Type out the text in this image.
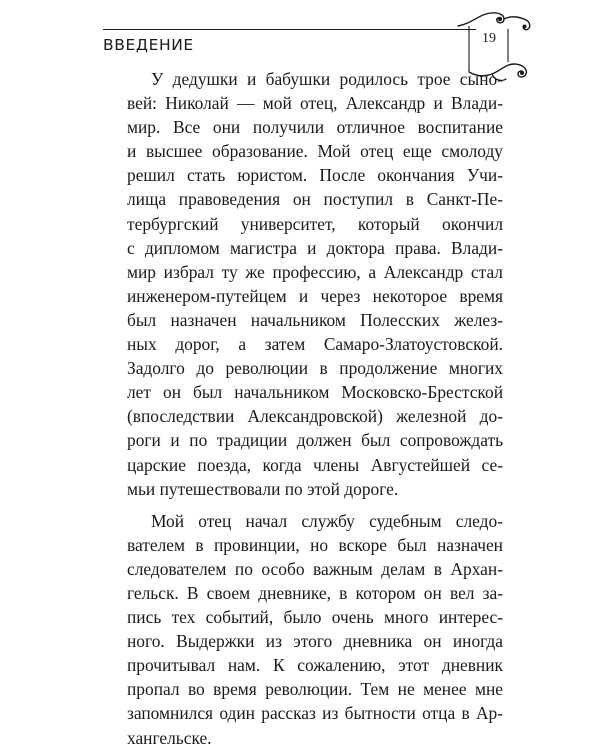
ВВЕДЕНИЕ	19

У дедушки и бабушки родилось трое сыно-
вей: Николай — мой отец, Александр и Влади-
мир. Все они получили отличное воспитание
и высшее образование. Мой отец еще смолоду
решил стать юристом. После окончания Учи-
лища правоведения он поступил в Санкт-Пе-
тербургский университет, который окончил
с дипломом магистра и доктора права. Влади-
мир избрал ту же профессию, а Александр стал
инженером-путейцем и через некоторое время
был назначен начальником Полесских желез-
ных дорог, а затем Самаро-Златоустовской.
Задолго до революции в продолжение многих
лет он был начальником Московско-Брестской
(впоследствии Александровской) железной до-
роги и по традиции должен был сопровождать
царские поезда, когда члены Августейшей се-
мьи путешествовали по этой дороге.

Мой отец начал службу судебным следо-
вателем в провинции, но вскоре был назначен
следователем по особо важным делам в Архан-
гельск. В своем дневнике, в котором он вел за-
пись тех событий, было очень много интерес-
ного. Выдержки из этого дневника он иногда
прочитывал нам. К сожалению, этот дневник
пропал во время революции. Тем не менее мне
запомнился один рассказ из бытности отца в Ар-
хангельске.
